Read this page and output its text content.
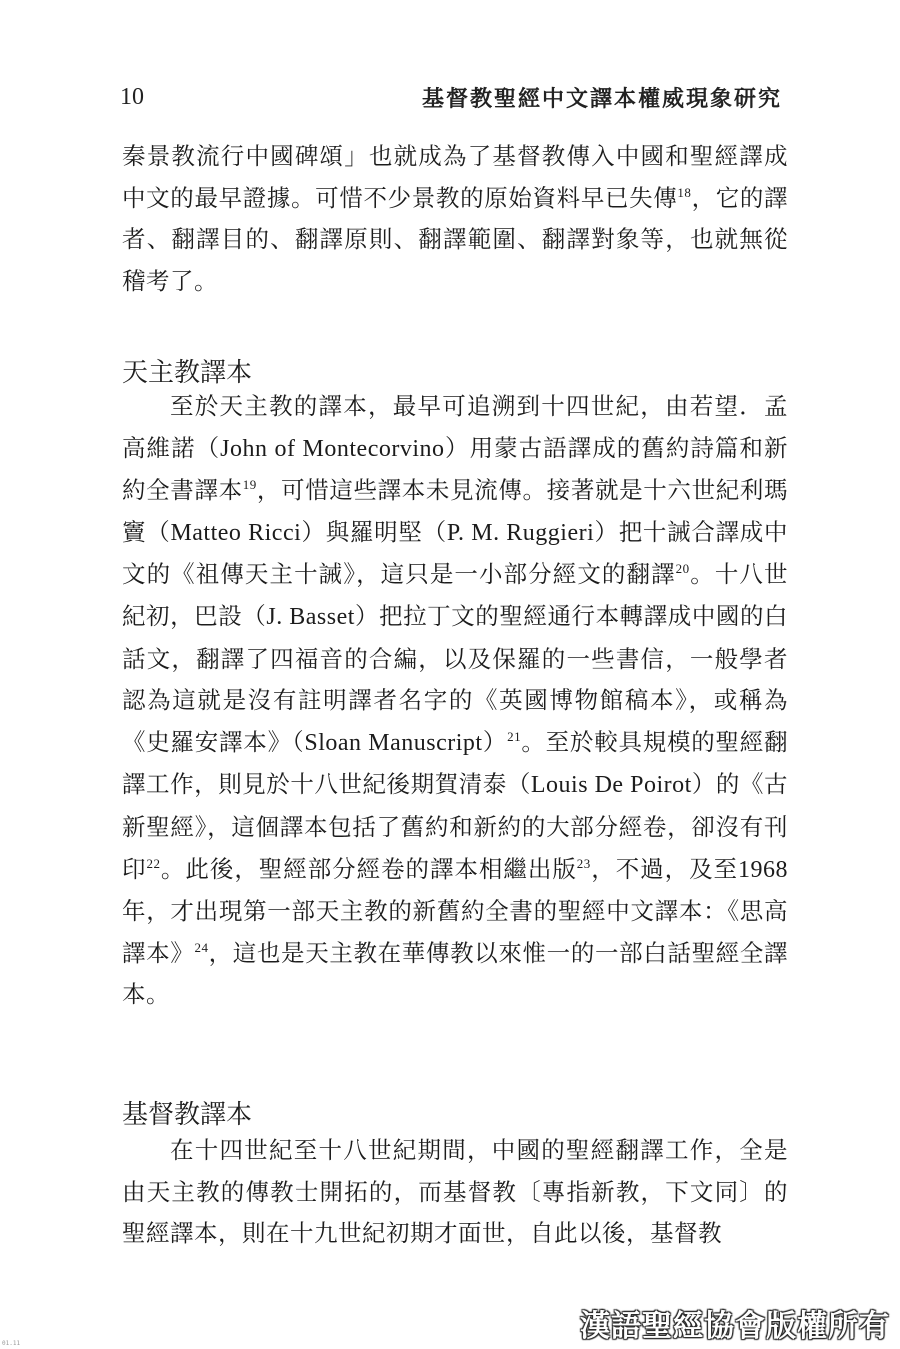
10	基督教聖經中文譯本權威現象研究

秦景教流行中國碑頌」也就成為了基督教傳入中國和聖經譯成中文的最早證據。可惜不少景教的原始資料早已失傳$^{18}$，它的譯者、翻譯目的、翻譯原則、翻譯範圍、翻譯對象等，也就無從稽考了。

天主教譯本

至於天主教的譯本，最早可追溯到十四世紀，由若望．孟高維諾（John of Montecorvino）用蒙古語譯成的舊約詩篇和新約全書譯本$^{19}$，可惜這些譯本未見流傳。接著就是十六世紀利瑪竇（Matteo Ricci）與羅明堅（P. M. Ruggieri）把十誡合譯成中文的《祖傳天主十誡》，這只是一小部分經文的翻譯$^{20}$。十八世紀初，巴設（J. Basset）把拉丁文的聖經通行本轉譯成中國的白話文，翻譯了四福音的合編，以及保羅的一些書信，一般學者認為這就是沒有註明譯者名字的《英國博物館稿本》，或稱為《史羅安譯本》（Sloan Manuscript）$^{21}$。至於較具規模的聖經翻譯工作，則見於十八世紀後期賀清泰（Louis De Poirot）的《古新聖經》，這個譯本包括了舊約和新約的大部分經卷，卻沒有刊印$^{22}$。此後，聖經部分經卷的譯本相繼出版$^{23}$，不過，及至1968年，才出現第一部天主教的新舊約全書的聖經中文譯本：《思高譯本》$^{24}$，這也是天主教在華傳教以來惟一的一部白話聖經全譯本。

基督教譯本

在十四世紀至十八世紀期間，中國的聖經翻譯工作，全是由天主教的傳教士開拓的，而基督教〔專指新教，下文同〕的聖經譯本，則在十九世紀初期才面世，自此以後，基督教

漢語聖經協會版權所有
01.11
